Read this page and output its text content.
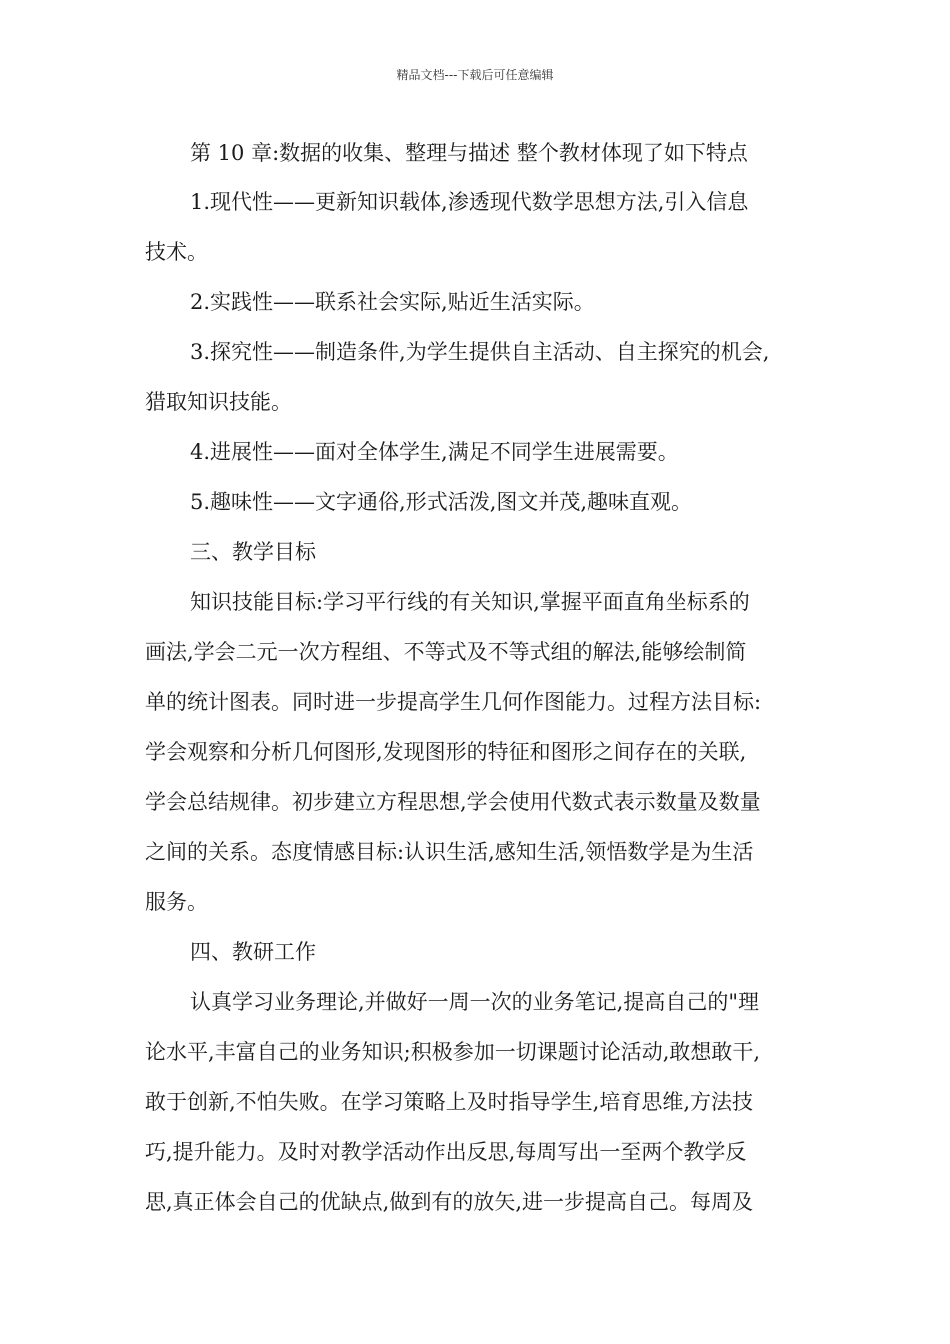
精品文档---下载后可任意编辑
第 10 章:数据的收集、整理与描述 整个教材体现了如下特点
1.现代性——更新知识载体,渗透现代数学思想方法,引入信息
技术。
2.实践性——联系社会实际,贴近生活实际。
3.探究性——制造条件,为学生提供自主活动、自主探究的机会,
猎取知识技能。
4.进展性——面对全体学生,满足不同学生进展需要。
5.趣味性——文字通俗,形式活泼,图文并茂,趣味直观。
三、教学目标
知识技能目标:学习平行线的有关知识,掌握平面直角坐标系的
画法,学会二元一次方程组、不等式及不等式组的解法,能够绘制简
单的统计图表。同时进一步提高学生几何作图能力。过程方法目标:
学会观察和分析几何图形,发现图形的特征和图形之间存在的关联,
学会总结规律。初步建立方程思想,学会使用代数式表示数量及数量
之间的关系。态度情感目标:认识生活,感知生活,领悟数学是为生活
服务。
四、教研工作
认真学习业务理论,并做好一周一次的业务笔记,提高自己的"理
论水平,丰富自己的业务知识;积极参加一切课题讨论活动,敢想敢干,
敢于创新,不怕失败。在学习策略上及时指导学生,培育思维,方法技
巧,提升能力。及时对教学活动作出反思,每周写出一至两个教学反
思,真正体会自己的优缺点,做到有的放矢,进一步提高自己。每周及
